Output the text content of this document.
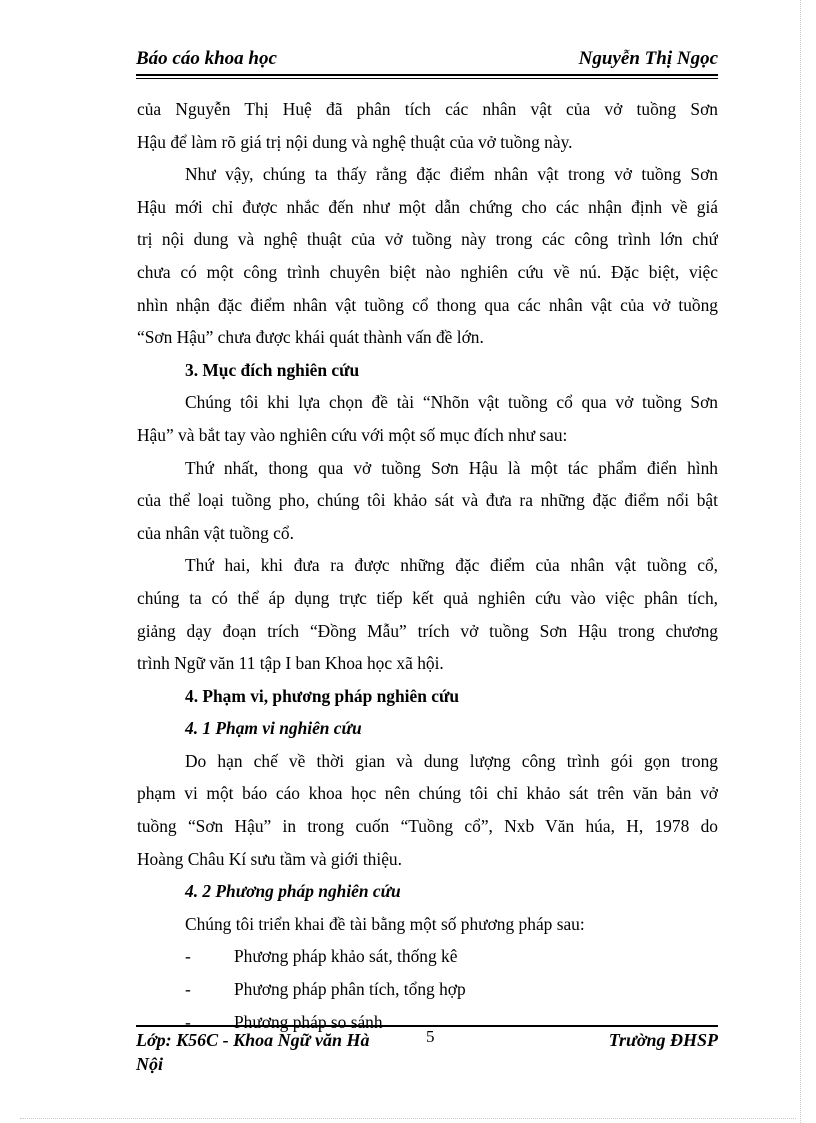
Báo cáo khoa học	Nguyễn Thị Ngọc
của Nguyễn Thị Huệ đã phân tích các nhân vật của vở tuồng Sơn
Hậu để làm rõ giá trị nội dung và nghệ thuật của vở tuồng này.
Như vậy, chúng ta thấy rằng đặc điểm nhân vật trong vở tuồng Sơn
Hậu mới chỉ được nhắc đến như một dẫn chứng cho các nhận định về giá
trị nội dung và nghệ thuật của vở tuồng này trong các công trình lớn chứ
chưa có một công trình chuyên biệt nào nghiên cứu về nú. Đặc biệt, việc
nhìn nhận đặc điểm nhân vật tuồng cổ thong qua các nhân vật của vở tuồng
“Sơn Hậu” chưa được khái quát thành vấn đề lớn.
3. Mục đích nghiên cứu
Chúng tôi khi lựa chọn đề tài “Nhõn vật tuồng cổ qua vở tuồng Sơn
Hậu” và bắt tay vào nghiên cứu với một số mục đích như sau:
Thứ nhất, thong qua vở tuồng Sơn Hậu là một tác phẩm điển hình
của thể loại tuồng pho, chúng tôi khảo sát và đưa ra những đặc điểm nổi bật
của nhân vật tuồng cổ.
Thứ hai, khi đưa ra được những đặc điểm của nhân vật tuồng cổ,
chúng ta có thể áp dụng trực tiếp kết quả nghiên cứu vào việc phân tích,
giảng dạy đoạn trích “Đồng Mẫu” trích vở tuồng Sơn Hậu trong chương
trình Ngữ văn 11 tập I ban Khoa học xã hội.
4. Phạm vi, phương pháp nghiên cứu
4. 1 Phạm vi nghiên cứu
Do hạn chế về thời gian và dung lượng công trình gói gọn trong
phạm vi một báo cáo khoa học nên chúng tôi chỉ khảo sát trên văn bản vở
tuồng “Sơn Hậu” in trong cuốn “Tuồng cổ”, Nxb Văn húa, H, 1978 do
Hoàng Châu Kí sưu tầm và giới thiệu.
4. 2 Phương pháp nghiên cứu
Chúng tôi triển khai đề tài bằng một số phương pháp sau:
- Phương pháp khảo sát, thống kê
- Phương pháp phân tích, tổng hợp
- Phương pháp so sánh
Lớp: K56C - Khoa Ngữ văn Hà Nội
5	Trường ĐHSP
